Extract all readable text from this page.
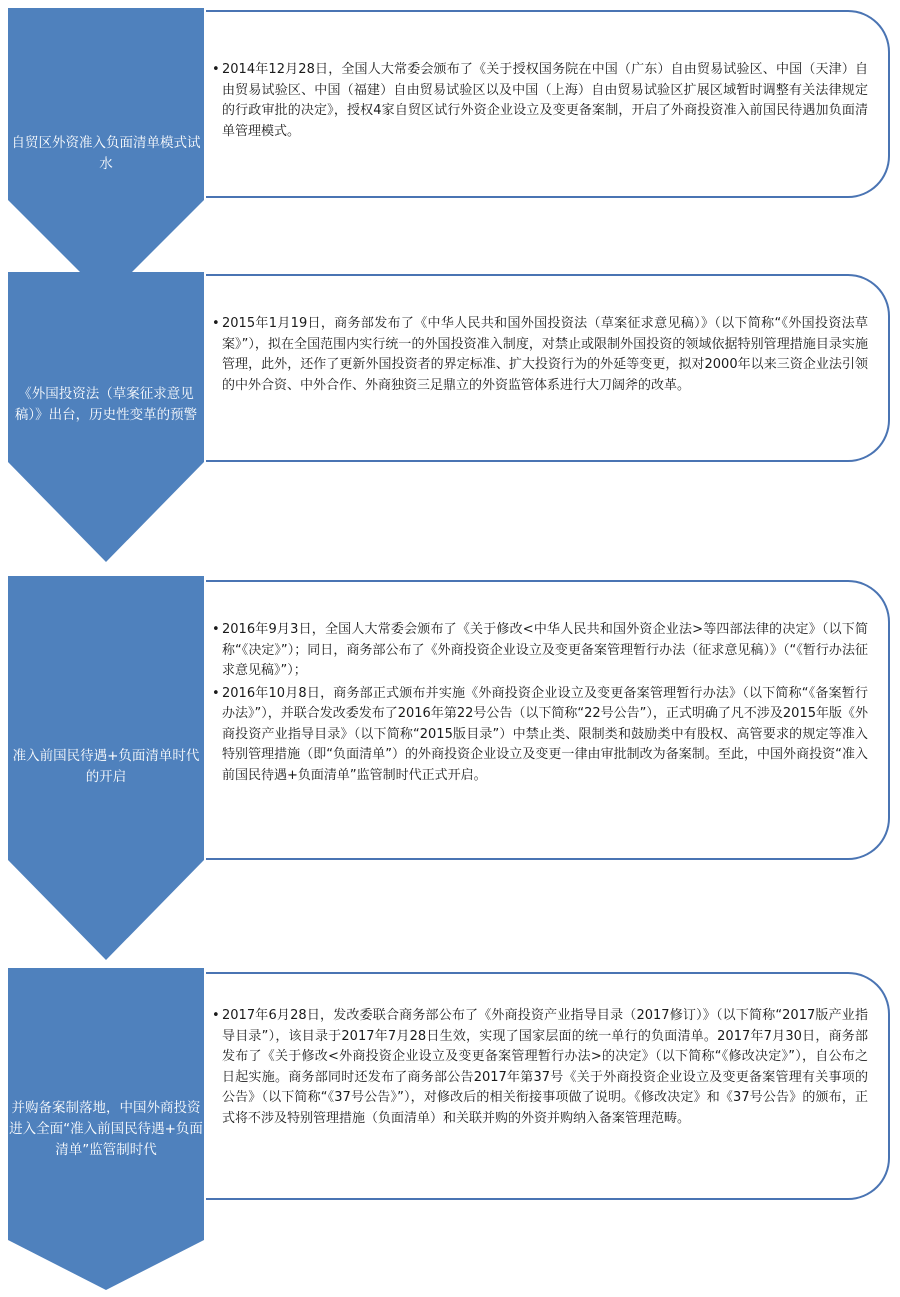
自贸区外资准入负面清单模式试水

• 2014年12月28日，全国人大常委会颁布了《关于授权国务院在中国（广东）自由贸易试验区、中国（天津）自由贸易试验区、中国（福建）自由贸易试验区以及中国（上海）自由贸易试验区扩展区域暂时调整有关法律规定的行政审批的决定》，授权4家自贸区试行外资企业设立及变更备案制，开启了外商投资准入前国民待遇加负面清单管理模式。

《外国投资法（草案征求意见稿）》出台，历史性变革的预警

• 2015年1月19日，商务部发布了《中华人民共和国外国投资法（草案征求意见稿）》（以下简称“《外国投资法草案》”），拟在全国范围内实行统一的外国投资准入制度，对禁止或限制外国投资的领域依据特别管理措施目录实施管理，此外，还作了更新外国投资者的界定标准、扩大投资行为的外延等变更，拟对2000年以来三资企业法引领的中外合资、中外合作、外商独资三足鼎立的外资监管体系进行大刀阔斧的改革。

准入前国民待遇+负面清单时代的开启

• 2016年9月3日，全国人大常委会颁布了《关于修改<中华人民共和国外资企业法>等四部法律的决定》（以下简称“《决定》”）；同日，商务部公布了《外商投资企业设立及变更备案管理暂行办法（征求意见稿）》（“《暂行办法征求意见稿》”）；

• 2016年10月8日，商务部正式颁布并实施《外商投资企业设立及变更备案管理暂行办法》（以下简称“《备案暂行办法》”），并联合发改委发布了2016年第22号公告（以下简称“22号公告”），正式明确了凡不涉及2015年版《外商投资产业指导目录》（以下简称“2015版目录”）中禁止类、限制类和鼓励类中有股权、高管要求的规定等准入特别管理措施（即“负面清单”）的外商投资企业设立及变更一律由审批制改为备案制。至此，中国外商投资“准入前国民待遇+负面清单”监管制时代正式开启。

并购备案制落地，中国外商投资进入全面“准入前国民待遇+负面清单”监管制时代

• 2017年6月28日，发改委联合商务部公布了《外商投资产业指导目录（2017修订）》（以下简称“2017版产业指导目录”），该目录于2017年7月28日生效，实现了国家层面的统一单行的负面清单。2017年7月30日，商务部发布了《关于修改<外商投资企业设立及变更备案管理暂行办法>的决定》（以下简称“《修改决定》”），自公布之日起实施。商务部同时还发布了商务部公告2017年第37号《关于外商投资企业设立及变更备案管理有关事项的公告》（以下简称“《37号公告》”），对修改后的相关衔接事项做了说明。《修改决定》和《37号公告》的颁布，正式将不涉及特别管理措施（负面清单）和关联并购的外资并购纳入备案管理范畴。
